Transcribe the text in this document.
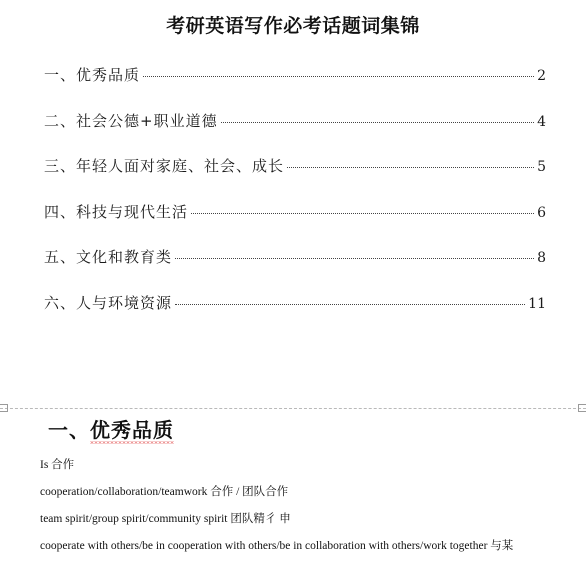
考研英语写作必考话题词集锦
一、优秀品质	2
二、社会公德+职业道德	4
三、年轻人面对家庭、社会、成长	5
四、科技与现代生活	6
五、文化和教育类	8
六、人与环境资源	11
一、优秀品质
Is 合作
cooperation/collaboration/teamwork 合作 / 团队合作
team spirit/group spirit/community spirit 团队精彳 申
cooperate with others/be in cooperation with others/be in collaboration with others/work together 与某
